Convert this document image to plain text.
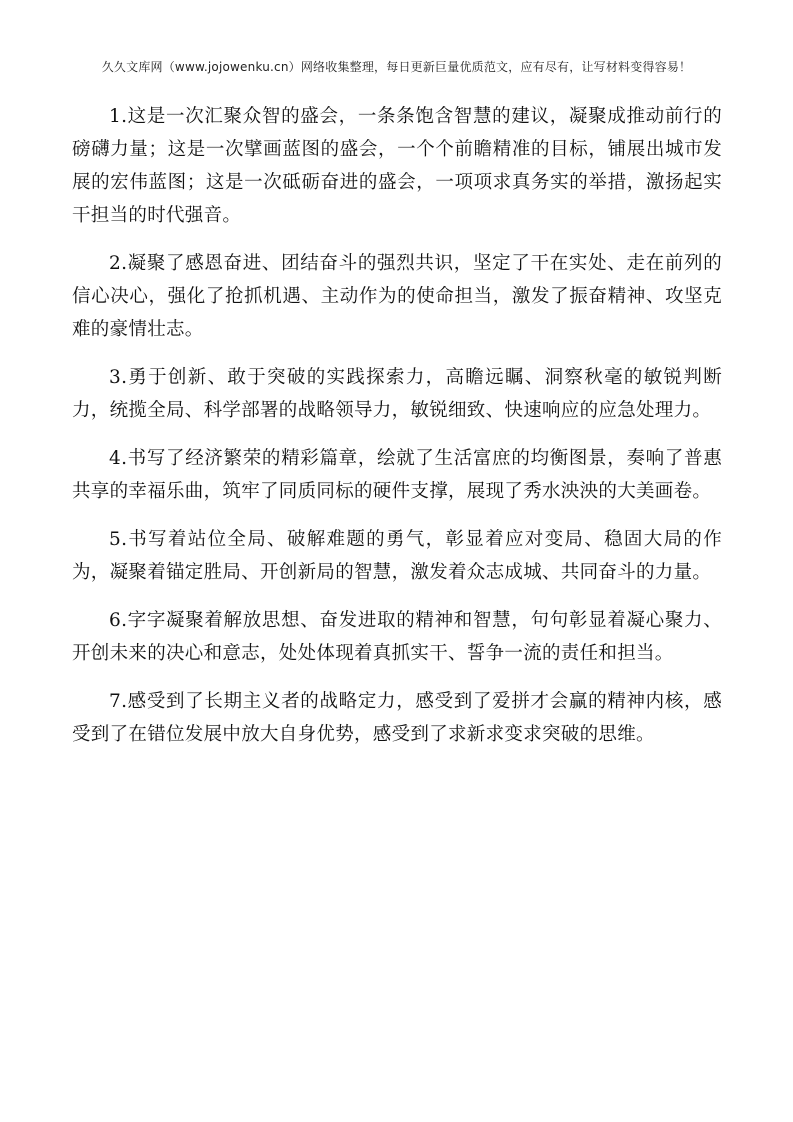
久久文库网（www.jojowenku.cn）网络收集整理，每日更新巨量优质范文，应有尽有，让写材料变得容易！

1.这是一次汇聚众智的盛会，一条条饱含智慧的建议，凝聚成推动前行的磅礴力量；这是一次擘画蓝图的盛会，一个个前瞻精准的目标，铺展出城市发展的宏伟蓝图；这是一次砥砺奋进的盛会，一项项求真务实的举措，激扬起实干担当的时代强音。

2.凝聚了感恩奋进、团结奋斗的强烈共识，坚定了干在实处、走在前列的信心决心，强化了抢抓机遇、主动作为的使命担当，激发了振奋精神、攻坚克难的豪情壮志。

3.勇于创新、敢于突破的实践探索力，高瞻远瞩、洞察秋毫的敏锐判断力，统揽全局、科学部署的战略领导力，敏锐细致、快速响应的应急处理力。

4.书写了经济繁荣的精彩篇章，绘就了生活富庶的均衡图景，奏响了普惠共享的幸福乐曲，筑牢了同质同标的硬件支撑，展现了秀水泱泱的大美画卷。

5.书写着站位全局、破解难题的勇气，彰显着应对变局、稳固大局的作为，凝聚着锚定胜局、开创新局的智慧，激发着众志成城、共同奋斗的力量。

6.字字凝聚着解放思想、奋发进取的精神和智慧，句句彰显着凝心聚力、开创未来的决心和意志，处处体现着真抓实干、誓争一流的责任和担当。

7.感受到了长期主义者的战略定力，感受到了爱拼才会赢的精神内核，感受到了在错位发展中放大自身优势，感受到了求新求变求突破的思维。
